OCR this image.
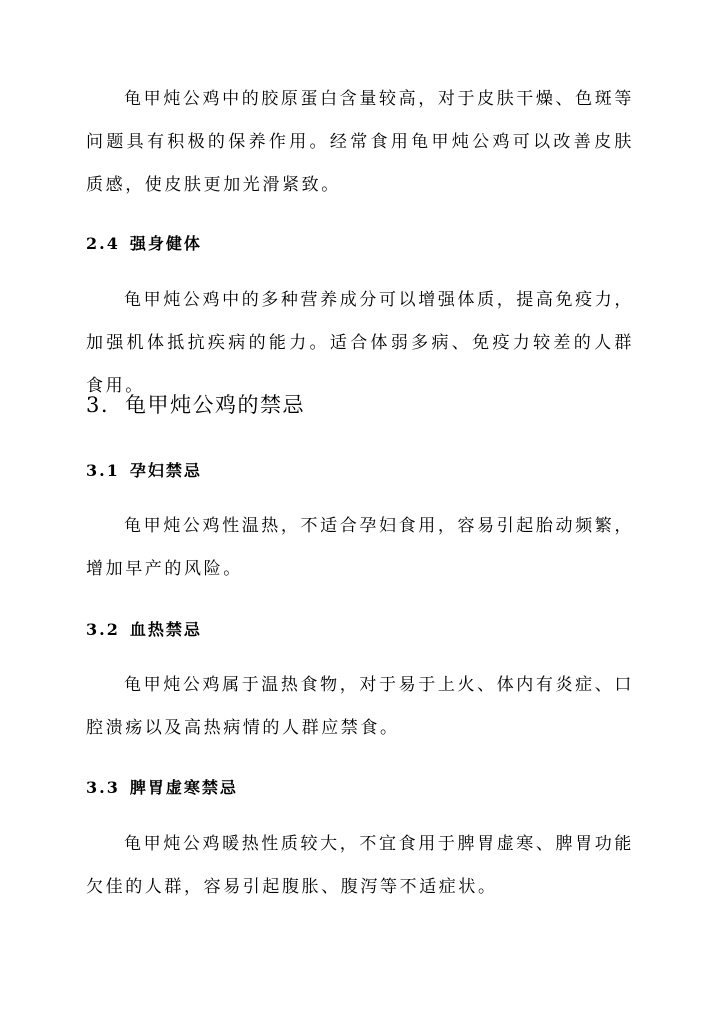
龟甲炖公鸡中的胶原蛋白含量较高，对于皮肤干燥、色斑等问题具有积极的保养作用。经常食用龟甲炖公鸡可以改善皮肤质感，使皮肤更加光滑紧致。

2.4 强身健体

龟甲炖公鸡中的多种营养成分可以增强体质，提高免疫力，加强机体抵抗疾病的能力。适合体弱多病、免疫力较差的人群食用。

3. 龟甲炖公鸡的禁忌
3.1 孕妇禁忌

龟甲炖公鸡性温热，不适合孕妇食用，容易引起胎动频繁，增加早产的风险。

3.2 血热禁忌

龟甲炖公鸡属于温热食物，对于易于上火、体内有炎症、口腔溃疡以及高热病情的人群应禁食。

3.3 脾胃虚寒禁忌

龟甲炖公鸡暖热性质较大，不宜食用于脾胃虚寒、脾胃功能欠佳的人群，容易引起腹胀、腹泻等不适症状。
